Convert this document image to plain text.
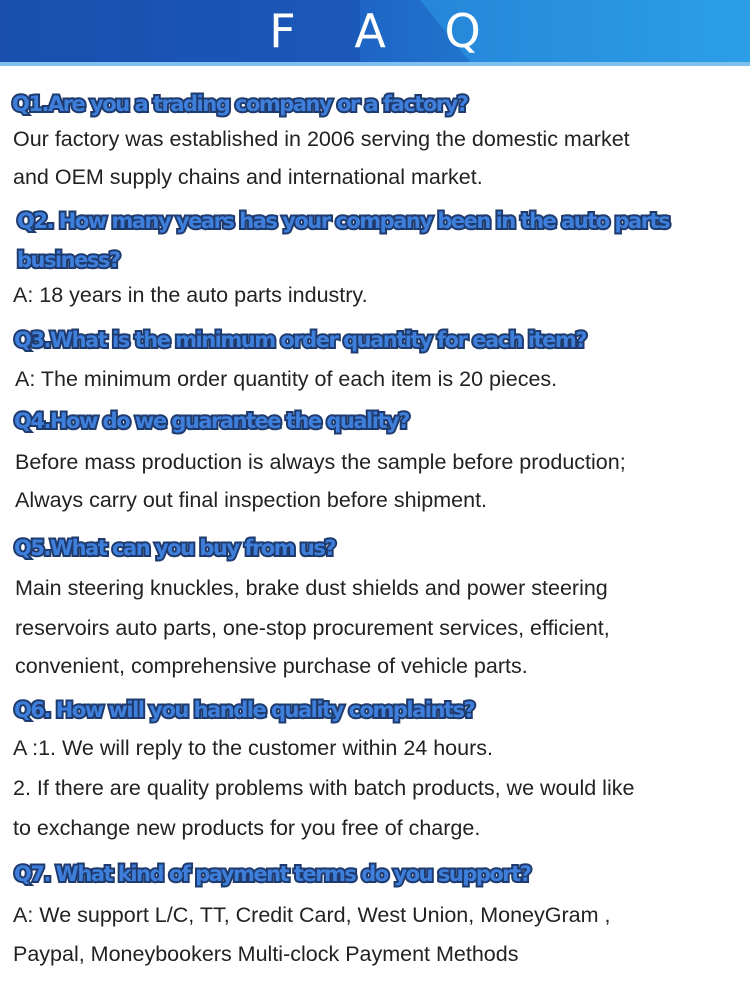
F A Q
Q1.Are you a trading company or a factory?
Our factory was established in 2006 serving the domestic market
and OEM supply chains and international market.
Q2. How many years has your company been in the auto parts
business?
A: 18 years in the auto parts industry.
Q3.What is the minimum order quantity for each item?
A: The minimum order quantity of each item is 20 pieces.
Q4.How do we guarantee the quality?
Before mass production is always the sample before production;
Always carry out final inspection before shipment.
Q5.What can you buy from us?
Main steering knuckles, brake dust shields and power steering
reservoirs auto parts, one-stop procurement services, efficient,
convenient, comprehensive purchase of vehicle parts.
Q6. How will you handle quality complaints?
A :1. We will reply to the customer within 24 hours.
2. If there are quality problems with batch products, we would like
to exchange new products for you free of charge.
Q7. What kind of payment terms do you support?
A: We support L/C, TT, Credit Card, West Union, MoneyGram ,
Paypal, Moneybookers Multi-clock Payment Methods
